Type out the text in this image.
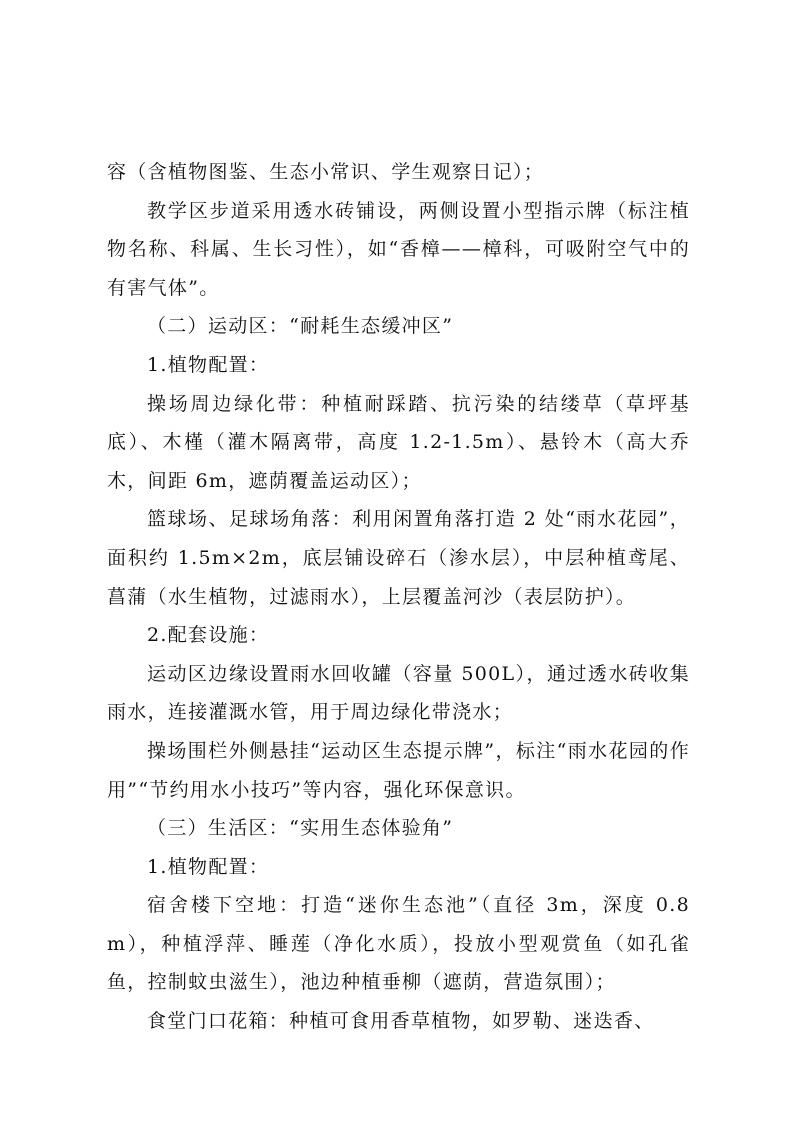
容（含植物图鉴、生态小常识、学生观察日记）；

教学区步道采用透水砖铺设，两侧设置小型指示牌（标注植物名称、科属、生长习性），如“香樟——樟科，可吸附空气中的有害气体”。

（二）运动区：“耐耗生态缓冲区”

1.植物配置：

操场周边绿化带：种植耐踩踏、抗污染的结缕草（草坪基底）、木槿（灌木隔离带，高度 1.2-1.5m）、悬铃木（高大乔木，间距 6m，遮荫覆盖运动区）；

篮球场、足球场角落：利用闲置角落打造 2 处“雨水花园”，面积约 1.5m×2m，底层铺设碎石（渗水层），中层种植鸢尾、菖蒲（水生植物，过滤雨水），上层覆盖河沙（表层防护）。

2.配套设施：

运动区边缘设置雨水回收罐（容量 500L），通过透水砖收集雨水，连接灌溉水管，用于周边绿化带浇水；

操场围栏外侧悬挂“运动区生态提示牌”，标注“雨水花园的作用”“节约用水小技巧”等内容，强化环保意识。

（三）生活区：“实用生态体验角”

1.植物配置：

宿舍楼下空地：打造“迷你生态池”（直径 3m，深度 0.8m），种植浮萍、睡莲（净化水质），投放小型观赏鱼（如孔雀鱼，控制蚊虫滋生），池边种植垂柳（遮荫，营造氛围）；

食堂门口花箱：种植可食用香草植物，如罗勒、迷迭香、
